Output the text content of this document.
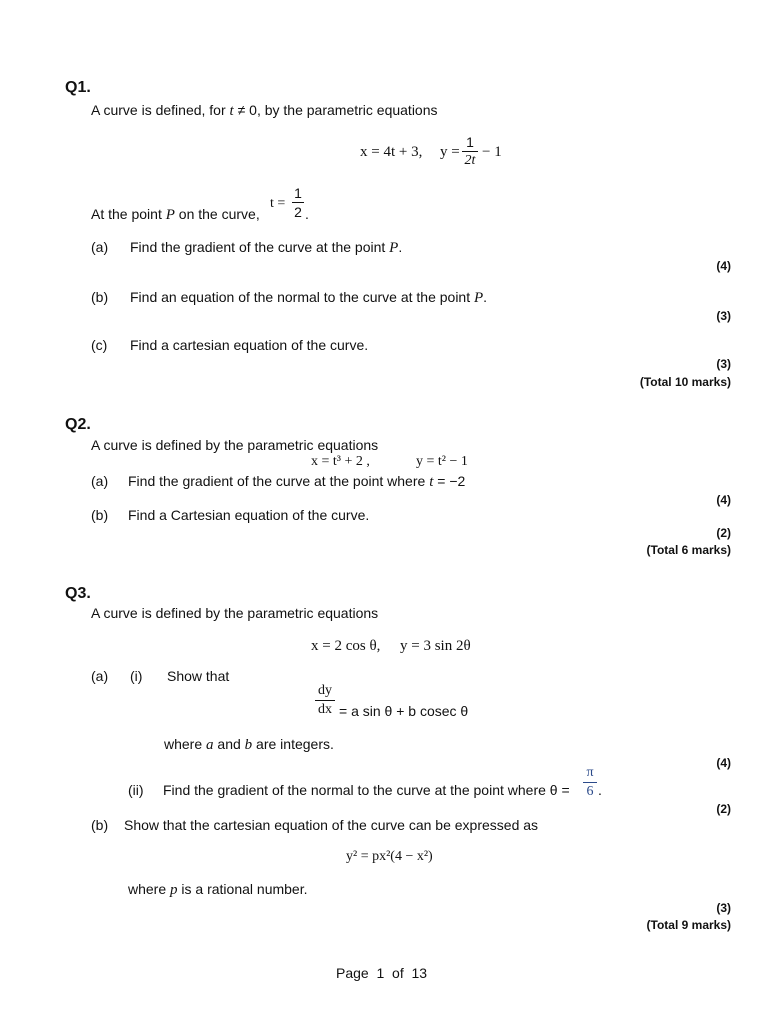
Q1.
A curve is defined, for t ≠ 0, by the parametric equations
x = 4t + 3, y =
1
2t
− 1
At the point P on the curve,
t =
1
2 .
(a) Find the gradient of the curve at the point P.
(4)
(b) Find an equation of the normal to the curve at the point P.
(3)
(c) Find a cartesian equation of the curve.
(3)
(Total 10 marks)
Q2.
A curve is defined by the parametric equations
x = t³ + 2 ,	y = t² − 1
(a) Find the gradient of the curve at the point where t = −2
(4)
(b) Find a Cartesian equation of the curve.
(2)
(Total 6 marks)
Q3.
A curve is defined by the parametric equations
x = 2 cos θ, y = 3 sin 2θ
(a) (i) Show that
dy
dx = a sin θ + b cosec θ
where a and b are integers.
(4)
(ii) Find the gradient of the normal to the curve at the point where θ =
π
6 .
(2)
(b) Show that the cartesian equation of the curve can be expressed as
y² = px²(4 − x²)
where p is a rational number.
(3)
(Total 9 marks)
Page  1  of  13
